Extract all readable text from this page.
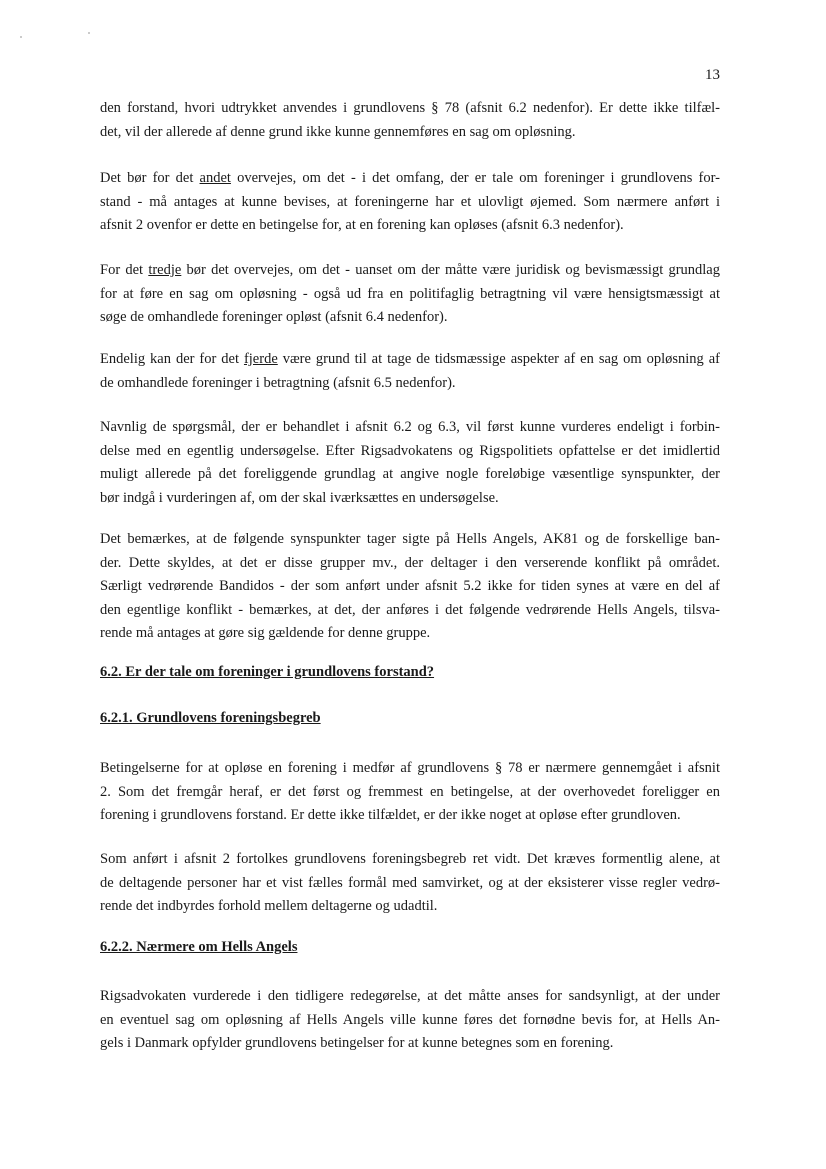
13
den forstand, hvori udtrykket anvendes i grundlovens § 78 (afsnit 6.2 nedenfor). Er dette ikke tilfæl-
det, vil der allerede af denne grund ikke kunne gennemføres en sag om opløsning.
Det bør for det andet overvejes, om det - i det omfang, der er tale om foreninger i grundlovens for-
stand - må antages at kunne bevises, at foreningerne har et ulovligt øjemed. Som nærmere anført i
afsnit 2 ovenfor er dette en betingelse for, at en forening kan opløses (afsnit 6.3 nedenfor).
For det tredje bør det overvejes, om det - uanset om der måtte være juridisk og bevismæssigt grundlag
for at føre en sag om opløsning - også ud fra en politifaglig betragtning vil være hensigtsmæssigt at
søge de omhandlede foreninger opløst (afsnit 6.4 nedenfor).
Endelig kan der for det fjerde være grund til at tage de tidsmæssige aspekter af en sag om opløsning af
de omhandlede foreninger i betragtning (afsnit 6.5 nedenfor).
Navnlig de spørgsmål, der er behandlet i afsnit 6.2 og 6.3, vil først kunne vurderes endeligt i forbin-
delse med en egentlig undersøgelse. Efter Rigsadvokatens og Rigspolitiets opfattelse er det imidlertid
muligt allerede på det foreliggende grundlag at angive nogle foreløbige væsentlige synspunkter, der
bør indgå i vurderingen af, om der skal iværksættes en undersøgelse.
Det bemærkes, at de følgende synspunkter tager sigte på Hells Angels, AK81 og de forskellige ban-
der. Dette skyldes, at det er disse grupper mv., der deltager i den verserende konflikt på området.
Særligt vedrørende Bandidos - der som anført under afsnit 5.2 ikke for tiden synes at være en del af
den egentlige konflikt - bemærkes, at det, der anføres i det følgende vedrørende Hells Angels, tilsva-
rende må antages at gøre sig gældende for denne gruppe.
6.2. Er der tale om foreninger i grundlovens forstand?
6.2.1. Grundlovens foreningsbegreb
Betingelserne for at opløse en forening i medfør af grundlovens § 78 er nærmere gennemgået i afsnit
2. Som det fremgår heraf, er det først og fremmest en betingelse, at der overhovedet foreligger en
forening i grundlovens forstand. Er dette ikke tilfældet, er der ikke noget at opløse efter grundloven.
Som anført i afsnit 2 fortolkes grundlovens foreningsbegreb ret vidt. Det kræves formentlig alene, at
de deltagende personer har et vist fælles formål med samvirket, og at der eksisterer visse regler vedrø-
rende det indbyrdes forhold mellem deltagerne og udadtil.
6.2.2. Nærmere om Hells Angels
Rigsadvokaten vurderede i den tidligere redegørelse, at det måtte anses for sandsynligt, at der under
en eventuel sag om opløsning af Hells Angels ville kunne føres det fornødne bevis for, at Hells An-
gels i Danmark opfylder grundlovens betingelser for at kunne betegnes som en forening.
